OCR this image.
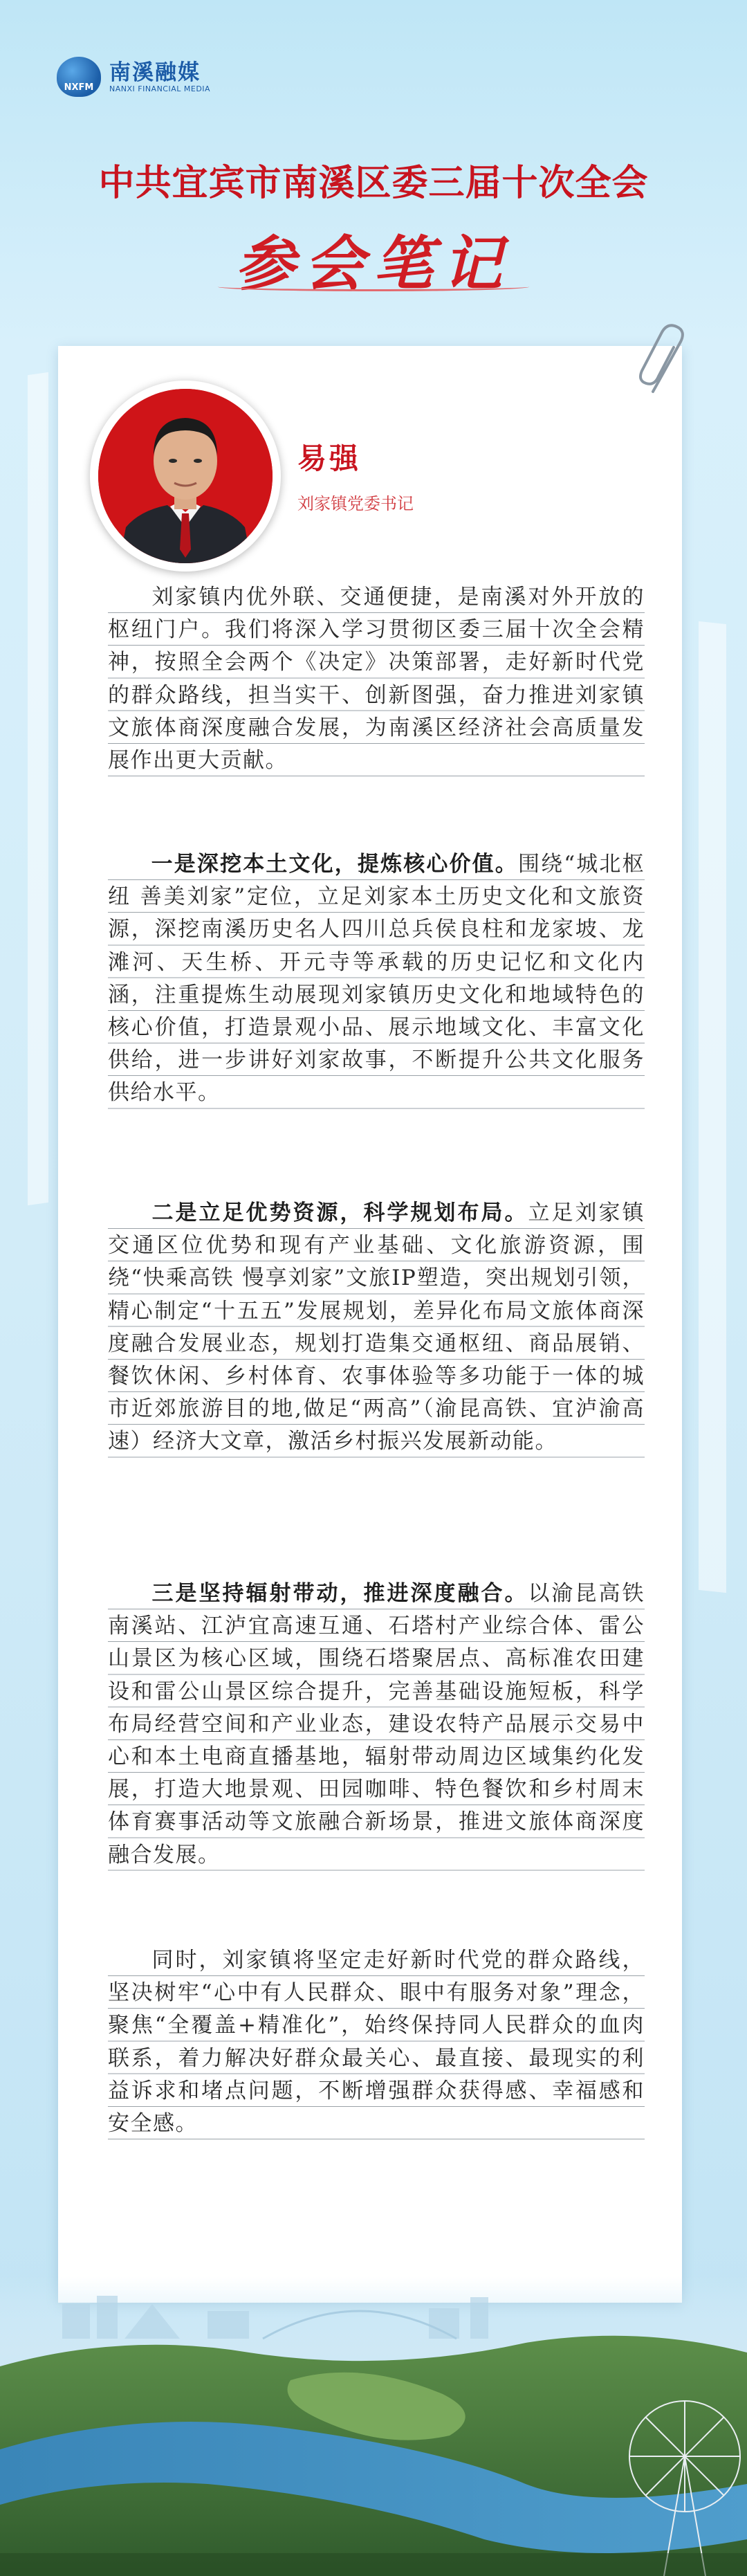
NXFM
南溪融媒
NANXI FINANCIAL MEDIA
中共宜宾市南溪区委三届十次全会
参会笔记
易强
刘家镇党委书记
刘家镇内优外联、交通便捷，是南溪对外开放的枢纽门户。我们将深入学习贯彻区委三届十次全会精神，按照全会两个《决定》决策部署，走好新时代党的群众路线，担当实干、创新图强，奋力推进刘家镇文旅体商深度融合发展，为南溪区经济社会高质量发展作出更大贡献。
一是深挖本土文化，提炼核心价值。围绕“城北枢纽 善美刘家”定位，立足刘家本土历史文化和文旅资源，深挖南溪历史名人四川总兵侯良柱和龙家坡、龙滩河、天生桥、开元寺等承载的历史记忆和文化内涵，注重提炼生动展现刘家镇历史文化和地域特色的核心价值，打造景观小品、展示地域文化、丰富文化供给，进一步讲好刘家故事，不断提升公共文化服务供给水平。
二是立足优势资源，科学规划布局。立足刘家镇交通区位优势和现有产业基础、文化旅游资源，围绕“快乘高铁 慢享刘家”文旅IP塑造，突出规划引领，精心制定“十五五”发展规划，差异化布局文旅体商深度融合发展业态，规划打造集交通枢纽、商品展销、餐饮休闲、乡村体育、农事体验等多功能于一体的城市近郊旅游目的地,做足“两高”（渝昆高铁、宜泸渝高速）经济大文章，激活乡村振兴发展新动能。
三是坚持辐射带动，推进深度融合。以渝昆高铁南溪站、江泸宜高速互通、石塔村产业综合体、雷公山景区为核心区域，围绕石塔聚居点、高标准农田建设和雷公山景区综合提升，完善基础设施短板，科学布局经营空间和产业业态，建设农特产品展示交易中心和本土电商直播基地，辐射带动周边区域集约化发展，打造大地景观、田园咖啡、特色餐饮和乡村周末体育赛事活动等文旅融合新场景，推进文旅体商深度融合发展。
同时，刘家镇将坚定走好新时代党的群众路线，坚决树牢“心中有人民群众、眼中有服务对象”理念，聚焦“全覆盖+精准化”，始终保持同人民群众的血肉联系，着力解决好群众最关心、最直接、最现实的利益诉求和堵点问题，不断增强群众获得感、幸福感和安全感。
